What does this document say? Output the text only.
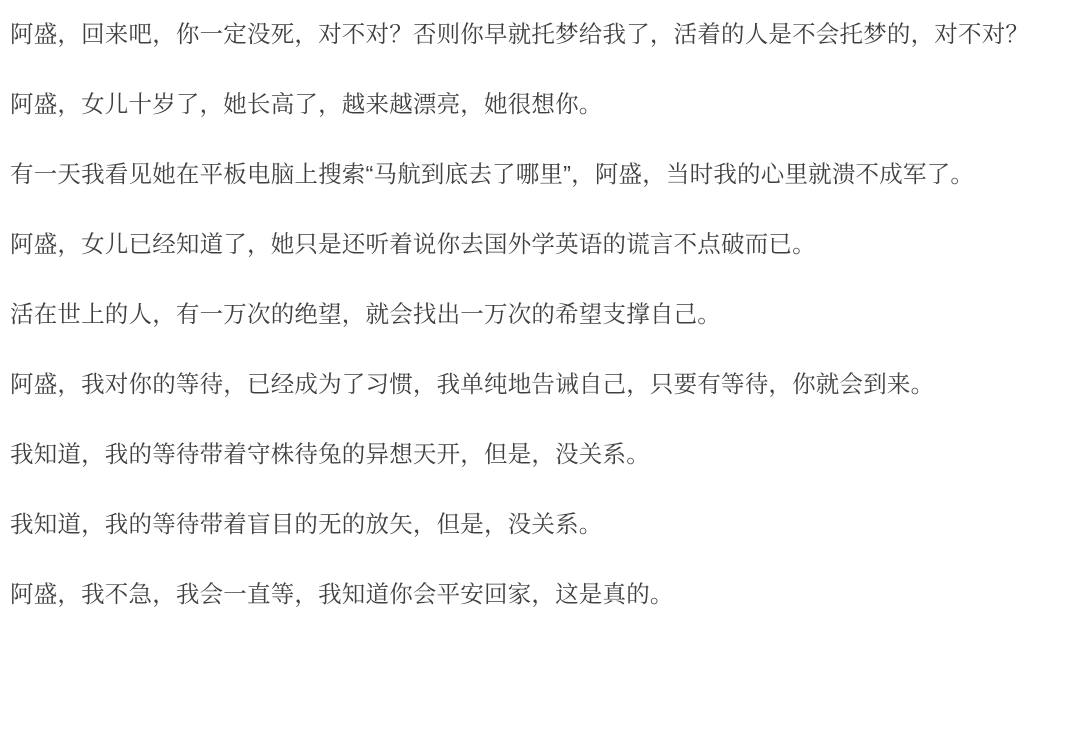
阿盛，回来吧，你一定没死，对不对？否则你早就托梦给我了，活着的人是不会托梦的，对不对？

阿盛，女儿十岁了，她长高了，越来越漂亮，她很想你。

有一天我看见她在平板电脑上搜索“马航到底去了哪里”，阿盛，当时我的心里就溃不成军了。

阿盛，女儿已经知道了，她只是还听着说你去国外学英语的谎言不点破而已。

活在世上的人，有一万次的绝望，就会找出一万次的希望支撑自己。

阿盛，我对你的等待，已经成为了习惯，我单纯地告诫自己，只要有等待，你就会到来。

我知道，我的等待带着守株待兔的异想天开，但是，没关系。

我知道，我的等待带着盲目的无的放矢，但是，没关系。

阿盛，我不急，我会一直等，我知道你会平安回家，这是真的。
